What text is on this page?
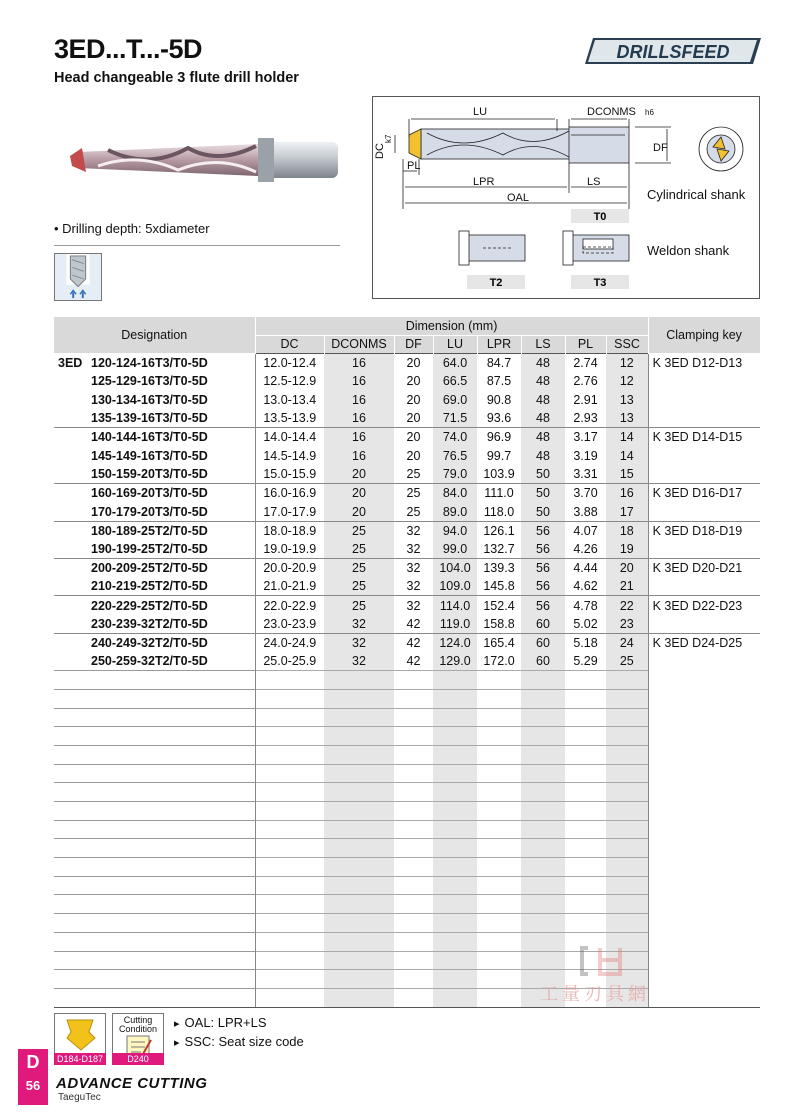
3ED...T...-5D
Head changeable 3 flute drill holder
DRILLSFEED
• Drilling depth: 5xdiameter
LU	DCONMS h6
DF
DC
k7
PL
LPR	LS
OAL	Cylindrical shank
Weldon shank
T0
T2	T3
Designation	Dimension (mm)								Clamping key
	DC	DCONMS	DF	LU	LPR	LS	PL	SSC	

3ED 120-124-16T3/T0-5D	12.0-12.4	16	20	64.0	84.7	48	2.74	12	K 3ED D12-D13
125-129-16T3/T0-5D	12.5-12.9	16	20	66.5	87.5	48	2.76	12	
130-134-16T3/T0-5D	13.0-13.4	16	20	69.0	90.8	48	2.91	13	
135-139-16T3/T0-5D	13.5-13.9	16	20	71.5	93.6	48	2.93	13	
140-144-16T3/T0-5D	14.0-14.4	16	20	74.0	96.9	48	3.17	14	K 3ED D14-D15
145-149-16T3/T0-5D	14.5-14.9	16	20	76.5	99.7	48	3.19	14	
150-159-20T3/T0-5D	15.0-15.9	20	25	79.0	103.9	50	3.31	15	
160-169-20T3/T0-5D	16.0-16.9	20	25	84.0	111.0	50	3.70	16	K 3ED D16-D17
170-179-20T3/T0-5D	17.0-17.9	20	25	89.0	118.0	50	3.88	17	
180-189-25T2/T0-5D	18.0-18.9	25	32	94.0	126.1	56	4.07	18	K 3ED D18-D19
190-199-25T2/T0-5D	19.0-19.9	25	32	99.0	132.7	56	4.26	19	
200-209-25T2/T0-5D	20.0-20.9	25	32	104.0	139.3	56	4.44	20	K 3ED D20-D21
210-219-25T2/T0-5D	21.0-21.9	25	32	109.0	145.8	56	4.62	21	
220-229-25T2/T0-5D	22.0-22.9	25	32	114.0	152.4	56	4.78	22	K 3ED D22-D23
230-239-32T2/T0-5D	23.0-23.9	32	42	119.0	158.8	60	5.02	23	
240-249-32T2/T0-5D	24.0-24.9	32	42	124.0	165.4	60	5.18	24	K 3ED D24-D25
250-259-32T2/T0-5D	25.0-25.9	32	42	129.0	172.0	60	5.29	25	

工量刃具網
D184-D187
Cutting Condition
D240
▸ OAL: LPR+LS
▸ SSC: Seat size code
D
56	ADVANCE CUTTING
TaeguTec
